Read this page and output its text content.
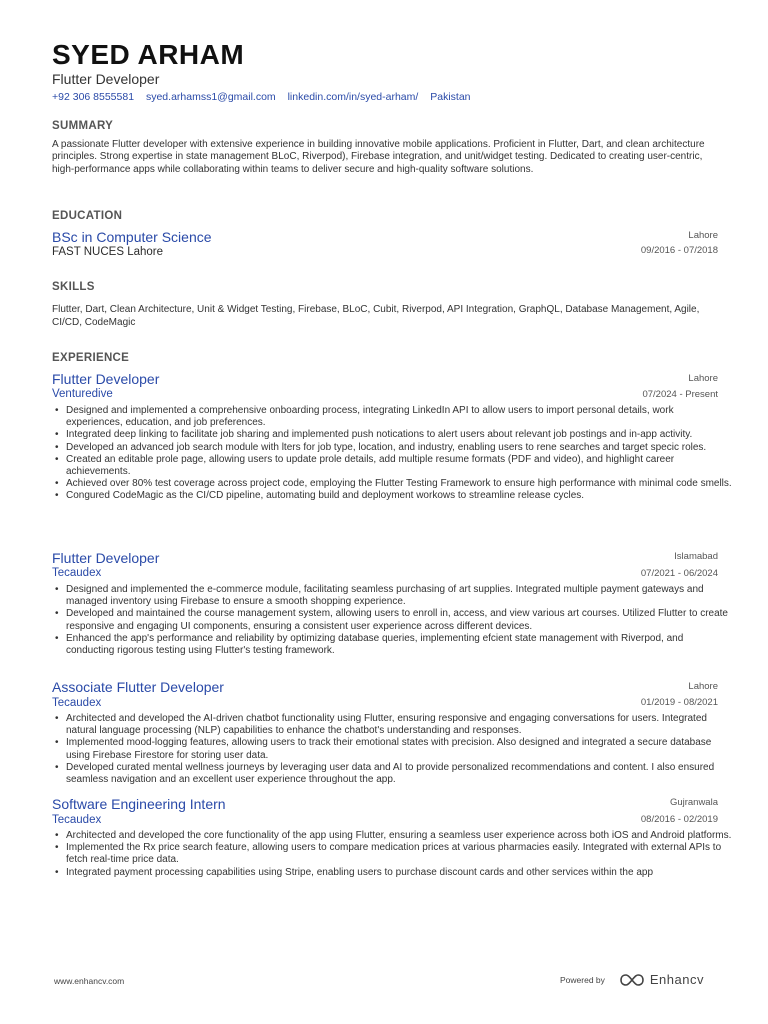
SYED ARHAM
Flutter Developer
+92 306 8555581 syed.arhamss1@gmail.com linkedin.com/in/syed-arham/ Pakistan
SUMMARY
A passionate Flutter developer with extensive experience in building innovative mobile applications. Proficient in Flutter, Dart, and clean architecture principles. Strong expertise in state management BLoC, Riverpod), Firebase integration, and unit/widget testing. Dedicated to creating user-centric, high-performance apps while collaborating within teams to deliver secure and high-quality software solutions.
EDUCATION
BSc in Computer Science
FAST NUCES Lahore
Lahore
09/2016 - 07/2018
SKILLS
Flutter, Dart, Clean Architecture, Unit & Widget Testing, Firebase, BLoC, Cubit, Riverpod, API Integration, GraphQL, Database Management, Agile, CI/CD, CodeMagic
EXPERIENCE
Flutter Developer
Venturedive
Lahore
07/2024 - Present
• Designed and implemented a comprehensive onboarding process, integrating LinkedIn API to allow users to import personal details, work experiences, education, and job preferences.
• Integrated deep linking to facilitate job sharing and implemented push notications to alert users about relevant job postings and in-app activity.
• Developed an advanced job search module with lters for job type, location, and industry, enabling users to rene searches and target specic roles.
• Created an editable prole page, allowing users to update prole details, add multiple resume formats (PDF and video), and highlight career achievements.
• Achieved over 80% test coverage across project code, employing the Flutter Testing Framework to ensure high performance with minimal code smells.
• Congured CodeMagic as the CI/CD pipeline, automating build and deployment workows to streamline release cycles.
Flutter Developer
Tecaudex
Islamabad
07/2021 - 06/2024
• Designed and implemented the e-commerce module, facilitating seamless purchasing of art supplies. Integrated multiple payment gateways and managed inventory using Firebase to ensure a smooth shopping experience.
• Developed and maintained the course management system, allowing users to enroll in, access, and view various art courses. Utilized Flutter to create responsive and engaging UI components, ensuring a consistent user experience across different devices.
• Enhanced the app's performance and reliability by optimizing database queries, implementing efcient state management with Riverpod, and conducting rigorous testing using Flutter's testing framework.
Associate Flutter Developer
Tecaudex
Lahore
01/2019 - 08/2021
• Architected and developed the AI-driven chatbot functionality using Flutter, ensuring responsive and engaging conversations for users. Integrated natural language processing (NLP) capabilities to enhance the chatbot's understanding and responses.
• Implemented mood-logging features, allowing users to track their emotional states with precision. Also designed and integrated a secure database using Firebase Firestore for storing user data.
• Developed curated mental wellness journeys by leveraging user data and AI to provide personalized recommendations and content. I also ensured seamless navigation and an excellent user experience throughout the app.
Software Engineering Intern
Tecaudex
Gujranwala
08/2016 - 02/2019
• Architected and developed the core functionality of the app using Flutter, ensuring a seamless user experience across both iOS and Android platforms.
• Implemented the Rx price search feature, allowing users to compare medication prices at various pharmacies easily. Integrated with external APIs to fetch real-time price data.
• Integrated payment processing capabilities using Stripe, enabling users to purchase discount cards and other services within the app
www.enhancv.com	Powered by	Enhancv
